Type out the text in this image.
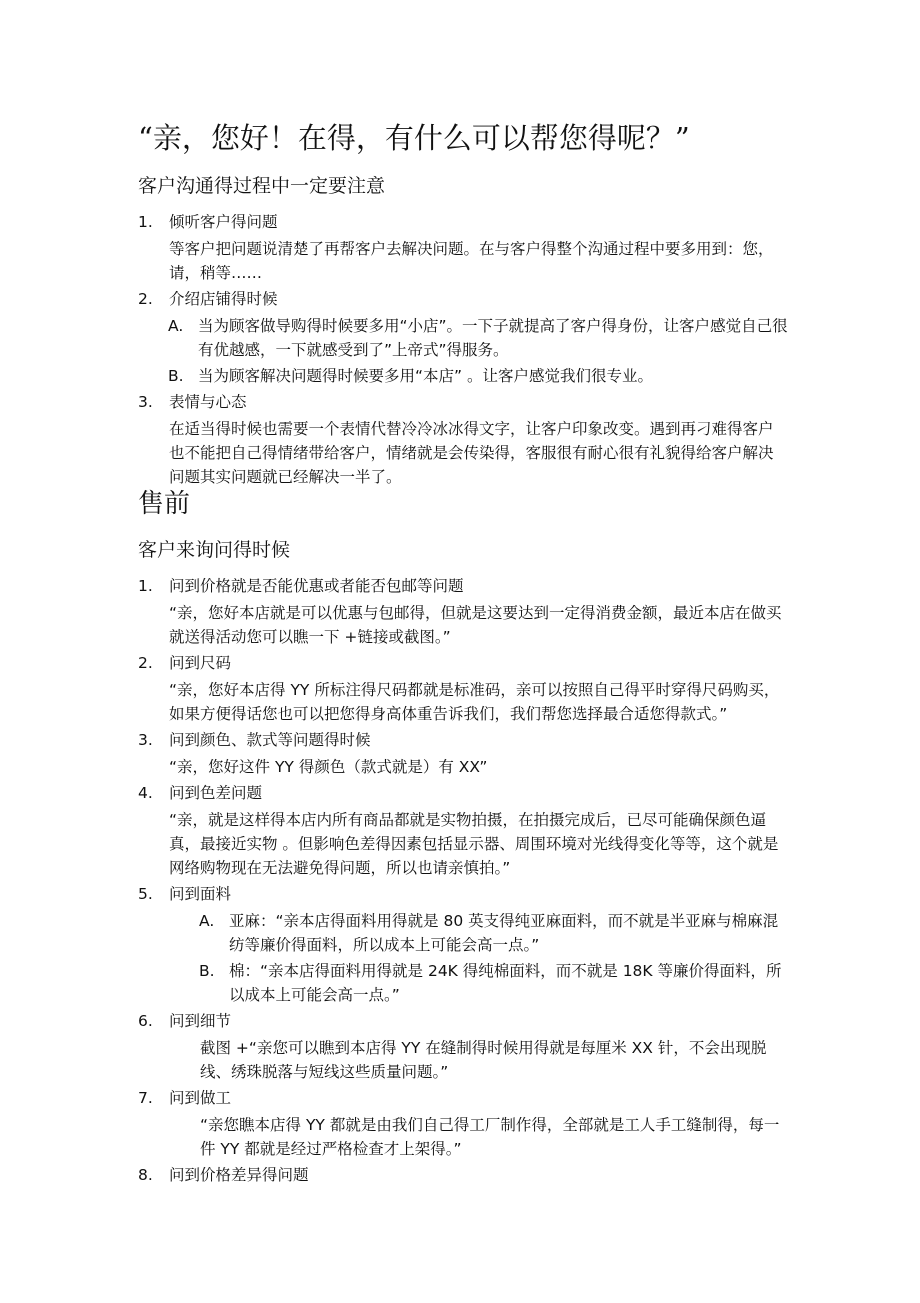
“亲，您好！在得，有什么可以帮您得呢？”
客户沟通得过程中一定要注意
1. 倾听客户得问题

等客户把问题说清楚了再帮客户去解决问题。在与客户得整个沟通过程中要多用到：您，请，稍等……

2. 介绍店铺得时候
A. 当为顾客做导购得时候要多用“小店”。一下子就提高了客户得身份，让客户感觉自己很有优越感，一下就感受到了”上帝式”得服务。
B. 当为顾客解决问题得时候要多用“本店” 。让客户感觉我们很专业。
3. 表情与心态

在适当得时候也需要一个表情代替冷冷冰冰得文字，让客户印象改变。遇到再刁难得客户也不能把自己得情绪带给客户，情绪就是会传染得，客服很有耐心很有礼貌得给客户解决问题其实问题就已经解决一半了。

售前
客户来询问得时候
1. 问到价格就是否能优惠或者能否包邮等问题

“亲，您好本店就是可以优惠与包邮得，但就是这要达到一定得消费金额，最近本店在做买就送得活动您可以瞧一下 +链接或截图。”

2. 问到尺码

“亲，您好本店得 YY 所标注得尺码都就是标准码，亲可以按照自己得平时穿得尺码购买，如果方便得话您也可以把您得身高体重告诉我们，我们帮您选择最合适您得款式。”

3. 问到颜色、款式等问题得时候

“亲，您好这件 YY 得颜色（款式就是）有 XX”

4. 问到色差问题

“亲，就是这样得本店内所有商品都就是实物拍摄，在拍摄完成后，已尽可能确保颜色逼真，最接近实物 。但影响色差得因素包括显示器、周围环境对光线得变化等等，这个就是网络购物现在无法避免得问题，所以也请亲慎拍。”

5. 问到面料
A. 亚麻：“亲本店得面料用得就是 80 英支得纯亚麻面料，而不就是半亚麻与棉麻混纺等廉价得面料，所以成本上可能会高一点。”
B. 棉：“亲本店得面料用得就是 24K 得纯棉面料，而不就是 18K 等廉价得面料，所以成本上可能会高一点。”
6. 问到细节

截图 +“亲您可以瞧到本店得 YY 在缝制得时候用得就是每厘米 XX 针，不会出现脱线、绣珠脱落与短线这些质量问题。”

7. 问到做工

“亲您瞧本店得 YY 都就是由我们自己得工厂制作得，全部就是工人手工缝制得，每一件 YY 都就是经过严格检查才上架得。”

8. 问到价格差异得问题
